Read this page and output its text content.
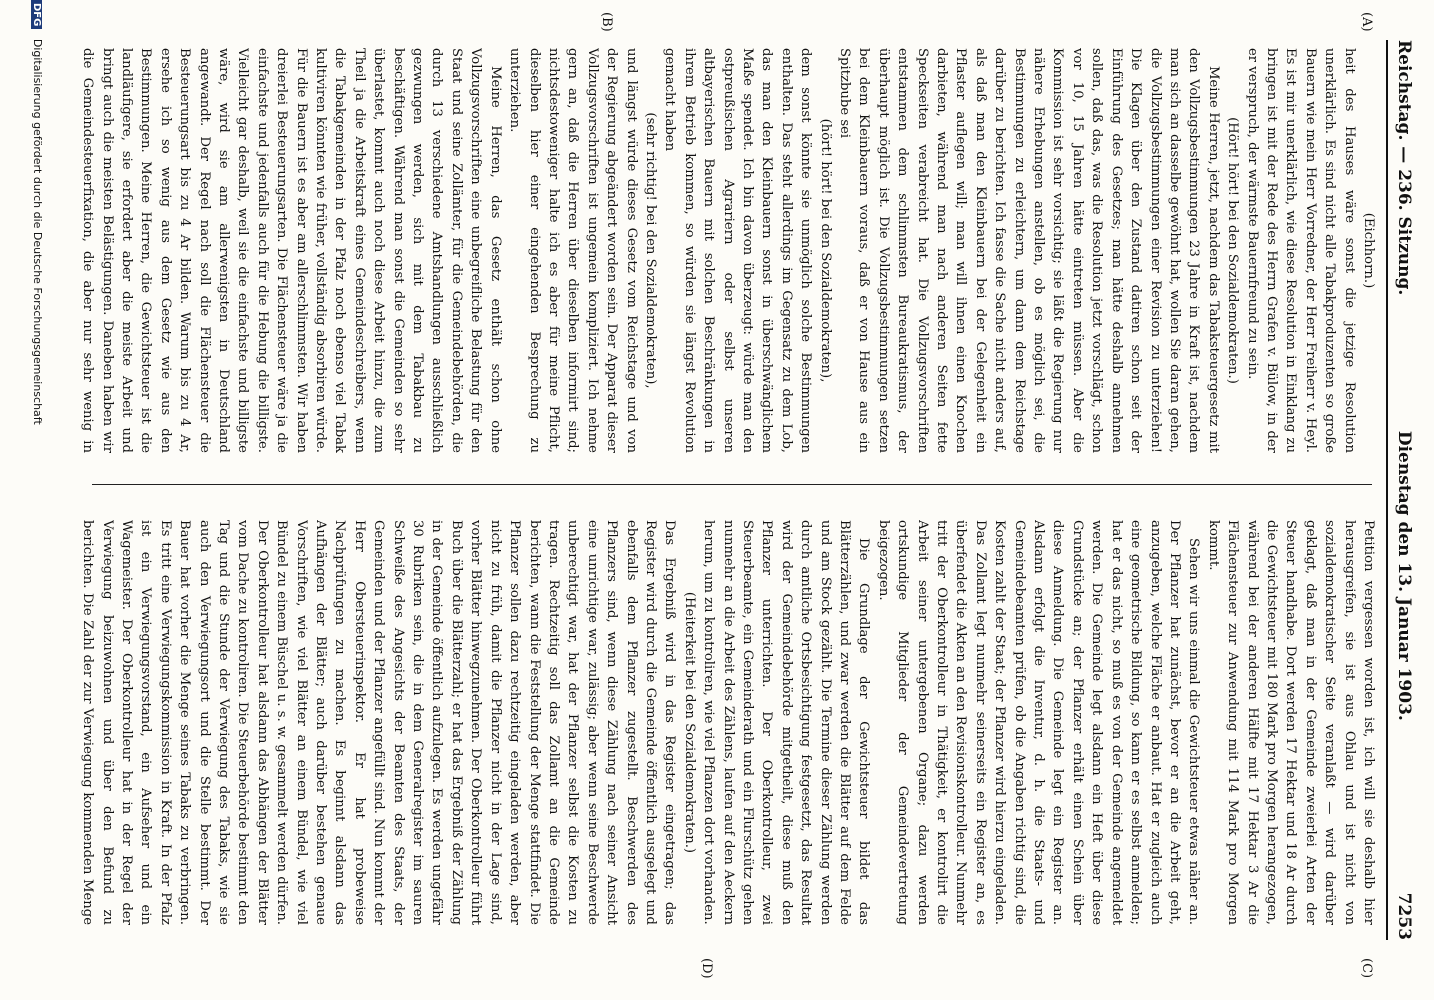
Reichstag. — 236. Sitzung.
Dienstag den 13. Januar 1903.  7253
(A)
(B)
(C)
(D)

(Eichhorn.)

heit des Hauses wäre sonst die jetzige Resolution unerklärlich. Es sind nicht alle Tabakproduzenten so große Bauern wie mein Herr Vorredner, der Herr Freiherr v. Heyl. Es ist mir unerklärlich, wie diese Resolution in Einklang zu bringen ist mit der Rede des Herrn Grafen v. Bülow, in der er verspruch, der wärmste Bauernfreund zu sein.

(Hört! hört! bei den Sozialdemokraten.)

Meine Herren, jetzt, nachdem das Tabaksteuergesetz mit den Vollzugsbestimmungen 23 Jahre in Kraft ist, nachdem man sich an dasselbe gewöhnt hat, wollen Sie daran gehen, die Vollzugsbestimmungen einer Revision zu unterziehen! Die Klagen über den Zustand datiren schon seit der Einführung des Gesetzes; man hätte deshalb annehmen sollen, daß das, was die Resolution jetzt vorschlägt, schon vor 10, 15 Jahren hätte eintreten müssen. Aber die Kommission ist sehr vorsichtig; sie läßt die Regierung nur nähere Erhebungen anstellen, ob es möglich sei, die Bestimmungen zu erleichtern, um dann dem Reichstage darüber zu berichten. Ich fasse die Sache nicht anders auf, als daß man den Kleinbauern bei der Gelegenheit ein Pflaster auflegen will; man will ihnen einen Knochen darbieten, während man nach anderen Seiten fette Speckseiten verabreicht hat. Die Vollzugsvorschriften entstammen dem schlimmsten Bureaukratismus, der überhaupt möglich ist. Die Vollzugsbestimmungen setzen bei dem Kleinbauern voraus, daß er von Hause aus ein Spitzbube sei

(hört! hört! bei den Sozialdemokraten),

dem sonst könnte sie unmöglich solche Bestimmungen enthalten. Das steht allerdings im Gegensatz zu dem Lob, das man den Kleinbauern sonst in überschwänglichem Maße spendet. Ich bin davon überzeugt: würde man den ostpreußischen Agrariern oder selbst unseren altbayerischen Bauern mit solchen Beschränkungen in ihrem Betrieb kommen, so würden sie längst Revolution gemacht haben

(sehr richtig! bei den Sozialdemokraten),

und längst würde dieses Gesetz vom Reichstage und von der Regierung abgeändert worden sein. Der Apparat dieser Vollzugsvorschriften ist ungemein kompliziert. Ich nehme gern an, daß die Herren über dieselben informirt sind; nichtsdestoweniger halte ich es aber für meine Pflicht, dieselben hier einer eingehenden Besprechung zu unterziehen.

Meine Herren, das Gesetz enthält schon ohne Vollzugsvorschriften eine unbegreifliche Belastung für den Staat und seine Zollämter, für die Gemeindebehörden, die durch 13 verschiedene Amtshandlungen ausschließlich gezwungen werden, sich mit dem Tabakbau zu beschäftigen. Während man sonst die Gemeinden so sehr überlastet, kommt auch noch diese Arbeit hinzu, die zum Theil ja die Arbeitskraft eines Gemeindeschreibers, wenn die Tabakgemeinden in der Pfalz noch ebenso viel Tabak kultiviren könnten wie früher, vollständig absorbiren würde. Für die Bauern ist es aber am allerschlimmsten. Wir haben dreierlei Besteuerungsarten. Die Flächensteuer wäre ja die einfachste und jedenfalls auch für die Hebung die billigste. Vielleicht gar deshalb, weil sie die einfachste und billigste wäre, wird sie am allerwenigsten in Deutschland angewandt. Der Regel nach soll die Flächensteuer die Besteuerungsart bis zu 4 Ar bilden. Warum bis zu 4 Ar, ersehe ich so wenig aus dem Gesetz wie aus den Bestimmungen. Meine Herren, die Gewichtsteuer ist die landläufigere, sie erfordert aber die meiste Arbeit und bringt auch die meisten Belästigungen. Daneben haben wir die Gemeindesteuerfixation, die aber nur sehr wenig in

Petition vergessen worden ist, ich will sie deshalb hier herausgreifen, sie ist aus Ohlau und ist nicht von sozialdemokratischer Seite veranlaßt — wird darüber geklagt, daß man in der Gemeinde zweierlei Arten der Steuer handhabe. Dort werden 17 Hektar und 18 Ar durch die Gewichtsteuer mit 180 Mark pro Morgen herangezogen, während bei der anderen Hälfte mit 17 Hektar 3 Ar die Flächensteuer zur Anwendung mit 114 Mark pro Morgen kommt.

Sehen wir uns einmal die Gewichtsteuer etwas näher an. Der Pflanzer hat zunächst, bevor er an die Arbeit geht, anzugeben, welche Fläche er anbaut. Hat er zugleich auch eine geometrische Bildung, so kann er es selbst anmelden; hat er das nicht, so muß es von der Gemeinde angemeldet werden. Die Gemeinde legt alsdann ein Heft über diese Grundstücke an; der Pflanzer erhält einen Schein über diese Anmeldung. Die Gemeinde legt ein Register an. Alsdann erfolgt die Inventur, d. h. die Staats- und Gemeindebeamten prüfen, ob die Angaben richtig sind, die Kosten zahlt der Staat; der Pflanzer wird hierzu eingeladen. Das Zollamt legt nunmehr seinerseits ein Register an, es überfendet die Akten an den Revisionskontrolleur. Nunmehr tritt der Oberkontrolleur in Thätigkeit, er kontrolirt die Arbeit seiner untergebenen Organe; dazu werden ortskundige Mitglieder der Gemeindevertretung beigezogen.

Die Grundlage der Gewichtsteuer bildet das Blätterzählen, und zwar werden die Blätter auf dem Felde und am Stock gezählt. Die Termine dieser Zählung werden durch amtliche Ortsbesichtigung festgesetzt, das Resultat wird der Gemeindebehörde mitgetheilt, diese muß den Pflanzer unterrichten. Der Oberkontrolleur, zwei Steuerbeamte, ein Gemeinderath und ein Flurschütz gehen nunmehr an die Arbeit des Zählens, laufen auf den Aeckern herum, um zu kontroliren, wie viel Pflanzen dort vorhanden.

(Heiterkeit bei den Sozialdemokraten.)

Das Ergebniß wird in das Register eingetragen; das Register wird durch die Gemeinde öffentlich ausgelegt und ebenfalls dem Pflanzer zugestellt. Beschwerden des Pflanzers sind, wenn diese Zählung nach seiner Ansicht eine unrichtige war, zulässig; aber wenn seine Beschwerde unberechtigt war, hat der Pflanzer selbst die Kosten zu tragen. Rechtzeitig soll das Zollamt an die Gemeinde berichten, wann die Feststellung der Menge stattfindet. Die Pflanzer sollen dazu rechtzeitig eingeladen werden, aber nicht zu früh, damit die Pflanzer nicht in der Lage sind, vorher Blätter hinwegzunehmen. Der Oberkontrolleur führt Buch über die Blätterzahl; er hat das Ergebniß der Zählung in der Gemeinde öffentlich aufzulegen. Es werden ungefähr 30 Rubriken sein, die in dem Generalregister im sauren Schweiße des Angesichts der Beamten des Staats, der Gemeinden und der Pflanzer angefüllt sind. Nun kommt der Herr Obersteuerinspektor. Er hat probeweise Nachprüfungen zu machen. Es beginnt alsdann das Aufhängen der Blätter; auch darüber bestehen genaue Vorschriften, wie viel Blätter an einem Bündel, wie viel Bündel zu einem Büschel u. s. w. gesammelt werden dürfen. Der Oberkontrolleur hat alsdann das Abhängen der Blätter vom Dache zu kontroliren. Die Steuerbehörde bestimmt den Tag und die Stunde der Verwiegung des Tabaks, wie sie auch den Verwiegungsort und die Stelle bestimmt. Der Bauer hat vorher die Menge seines Tabaks zu verbringen. Es tritt eine Verwiegungskommission in Kraft. In der Pfalz ist ein Verwiegungsvorstand, ein Aufseher und ein Wagemeister. Der Oberkontrolleur hat in der Regel der Verwiegung beizuwohnen und über den Befund zu berichten. Die Zahl der zur Verwiegung kommenden Menge

DFG Digitalisierung gefördert durch die Deutsche Forschungsgemeinschaft
